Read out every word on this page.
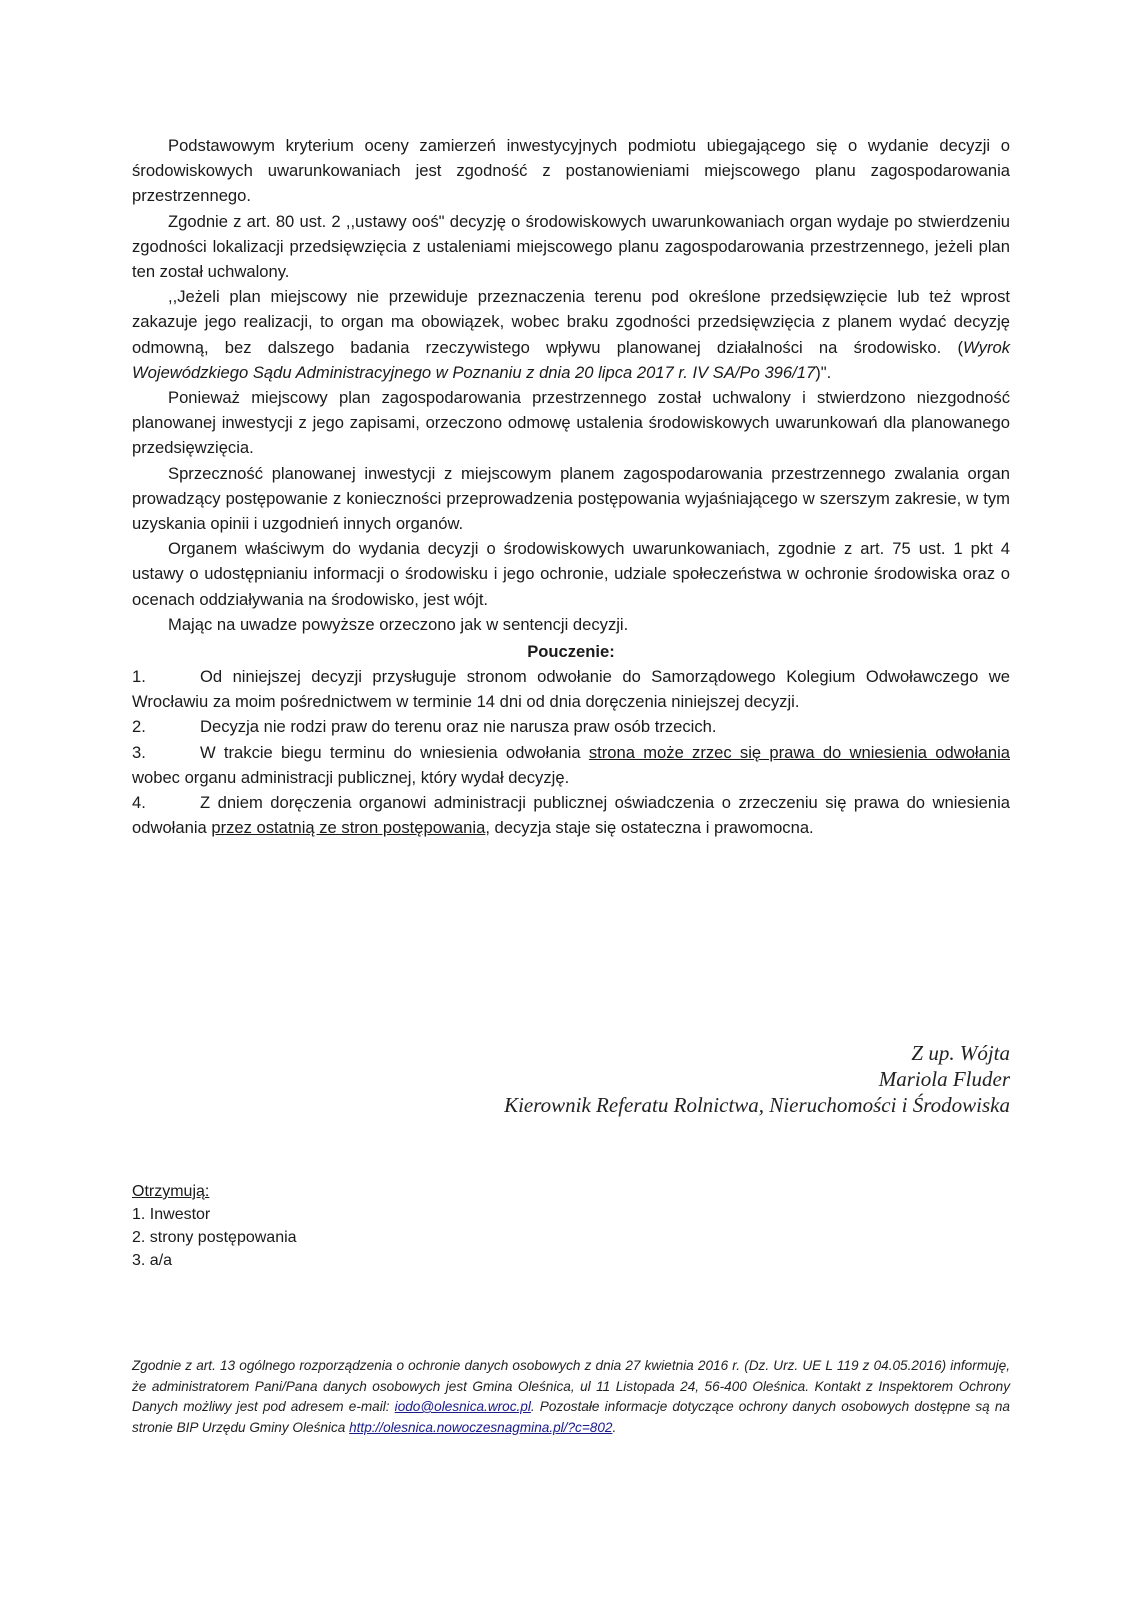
Podstawowym kryterium oceny zamierzeń inwestycyjnych podmiotu ubiegającego się o wydanie decyzji o środowiskowych uwarunkowaniach jest zgodność z postanowieniami miejscowego planu zagospodarowania przestrzennego.

Zgodnie z art. 80 ust. 2 ,,ustawy ooś" decyzję o środowiskowych uwarunkowaniach organ wydaje po stwierdzeniu zgodności lokalizacji przedsięwzięcia z ustaleniami miejscowego planu zagospodarowania przestrzennego, jeżeli plan ten został uchwalony.

,,Jeżeli plan miejscowy nie przewiduje przeznaczenia terenu pod określone przedsięwzięcie lub też wprost zakazuje jego realizacji, to organ ma obowiązek, wobec braku zgodności przedsięwzięcia z planem wydać decyzję odmowną, bez dalszego badania rzeczywistego wpływu planowanej działalności na środowisko. (Wyrok Wojewódzkiego Sądu Administracyjnego w Poznaniu z dnia 20 lipca 2017 r. IV SA/Po 396/17)".

Ponieważ miejscowy plan zagospodarowania przestrzennego został uchwalony i stwierdzono niezgodność planowanej inwestycji z jego zapisami, orzeczono odmowę ustalenia środowiskowych uwarunkowań dla planowanego przedsięwzięcia.

Sprzeczność planowanej inwestycji z miejscowym planem zagospodarowania przestrzennego zwalania organ prowadzący postępowanie z konieczności przeprowadzenia postępowania wyjaśniającego w szerszym zakresie, w tym uzyskania opinii i uzgodnień innych organów.

Organem właściwym do wydania decyzji o środowiskowych uwarunkowaniach, zgodnie z art. 75 ust. 1 pkt 4 ustawy o udostępnianiu informacji o środowisku i jego ochronie, udziale społeczeństwa w ochronie środowiska oraz o ocenach oddziaływania na środowisko, jest wójt.

Mając na uwadze powyższe orzeczono jak w sentencji decyzji.

Pouczenie:
1.	Od niniejszej decyzji przysługuje stronom odwołanie do Samorządowego Kolegium Odwoławczego we Wrocławiu za moim pośrednictwem w terminie 14 dni od dnia doręczenia niniejszej decyzji.
2.	Decyzja nie rodzi praw do terenu oraz nie narusza praw osób trzecich.
3.	W trakcie biegu terminu do wniesienia odwołania strona może zrzec się prawa do wniesienia odwołania wobec organu administracji publicznej, który wydał decyzję.
4.	Z dniem doręczenia organowi administracji publicznej oświadczenia o zrzeczeniu się prawa do wniesienia odwołania przez ostatnią ze stron postępowania, decyzja staje się ostateczna i prawomocna.
Z up. Wójta
Mariola Fluder
Kierownik Referatu Rolnictwa, Nieruchomości i Środowiska
Otrzymują:
1. Inwestor
2. strony postępowania
3. a/a
Zgodnie z art. 13 ogólnego rozporządzenia o ochronie danych osobowych z dnia 27 kwietnia 2016 r. (Dz. Urz. UE L 119 z 04.05.2016) informuję, że administratorem Pani/Pana danych osobowych jest Gmina Oleśnica, ul 11 Listopada 24, 56-400 Oleśnica. Kontakt z Inspektorem Ochrony Danych możliwy jest pod adresem e-mail: iodo@olesnica.wroc.pl. Pozostałe informacje dotyczące ochrony danych osobowych dostępne są na stronie BIP Urzędu Gminy Oleśnica http://olesnica.nowoczesnagmina.pl/?c=802.
